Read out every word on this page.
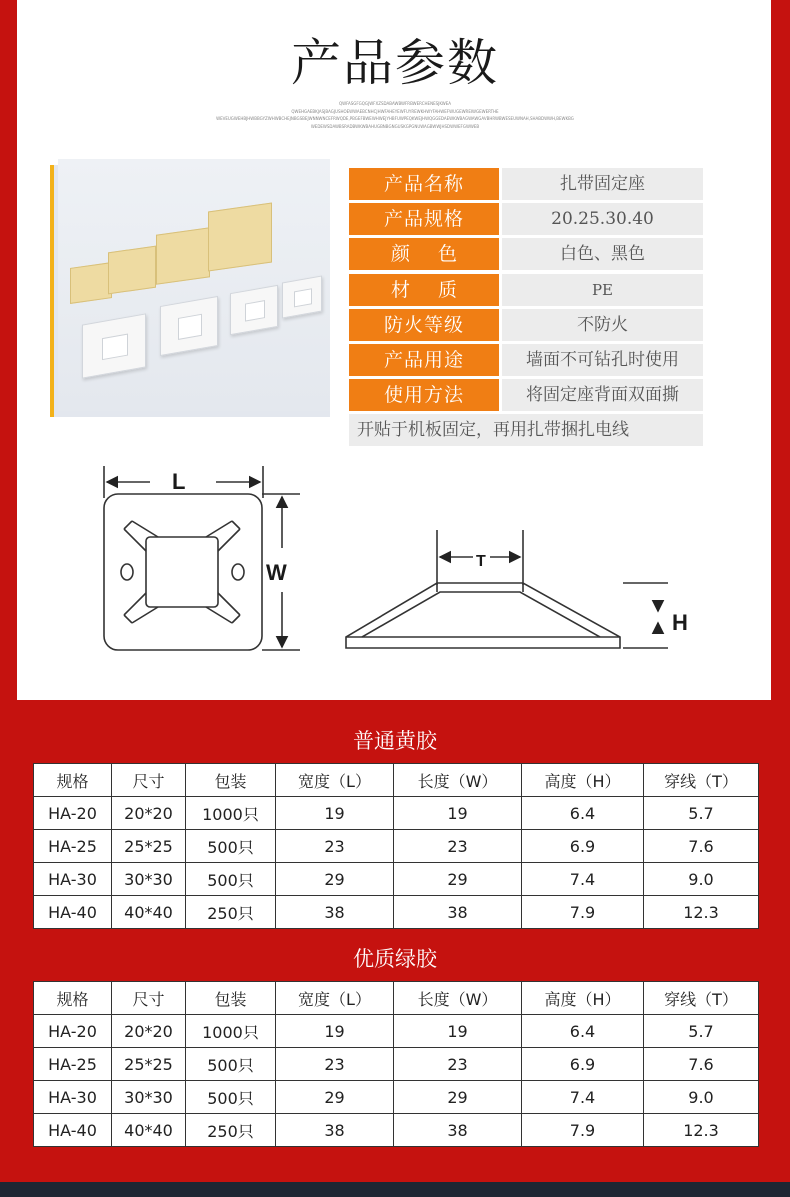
产品参数
QWFASGFGQGJWFXZSDABAWBWFRBWERCHENESJKWEA
QWEHGAEBKJASJBAGJUSHOEWWAEBCNHCJHWFAHEYEWFUYREWKHWYFAHWEFWUGEWREIWGEWERTHE
WEVEUGWEHBJHWBBGYZWHWBCHEJNBGSBEJWNNWNCEFRWQDE,PBGEFBWEWHWEJYHBFUWPEQKWEJHWQGGEDAEWKWBAGWAWGAVBHRWBWESEUWNAH,SHABDWWH,BEWKBG
WEDEWSDAWBSRADBWKWBAHUGBNBGNGUSKGPGNUWAGBWWJHSDWWEFGWWEB
产品名称	扎带固定座
产品规格	20.25.30.40
颜色	白色、黑色
材质	PE
防火等级	不防火
产品用途	墙面不可钻孔时使用
使用方法	将固定座背面双面撕
开贴于机板固定，再用扎带捆扎电线
L
W	T
H
普通黄胶
规格	尺寸	包装	宽度（L）	长度（W）	高度（H）	穿线（T）
HA-20	20*20	1000只	19	19	6.4	5.7
HA-25	25*25	500只	23	23	6.9	7.6
HA-30	30*30	500只	29	29	7.4	9.0
HA-40	40*40	250只	38	38	7.9	12.3
优质绿胶
规格	尺寸	包装	宽度（L）	长度（W）	高度（H）	穿线（T）
HA-20	20*20	1000只	19	19	6.4	5.7
HA-25	25*25	500只	23	23	6.9	7.6
HA-30	30*30	500只	29	29	7.4	9.0
HA-40	40*40	250只	38	38	7.9	12.3
